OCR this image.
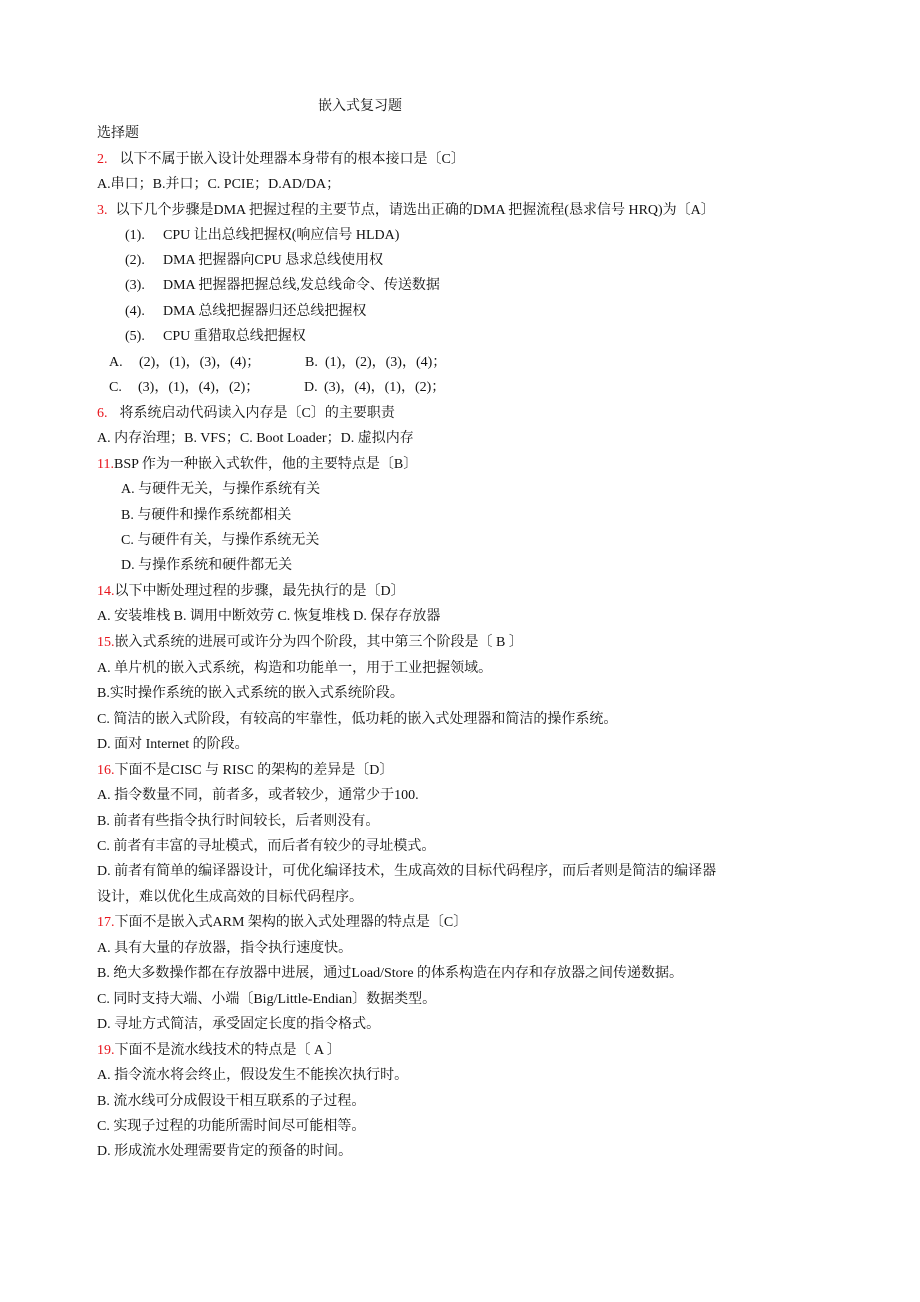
嵌入式复习题
选择题
2. 以下不属于嵌入设计处理器本身带有的根本接口是〔C〕
A.串口；B.并口；C. PCIE；D.AD/DA；
3. 以下几个步骤是DMA 把握过程的主要节点，请选出正确的DMA 把握流程(恳求信号 HRQ)为〔A〕
(1). CPU 让出总线把握权(响应信号 HLDA)
(2). DMA 把握器向CPU 恳求总线使用权
(3). DMA 把握器把握总线,发总线命令、传送数据
(4). DMA 总线把握器归还总线把握权
(5). CPU 重猎取总线把握权
A. (2)，(1)，(3)，(4)；	B. (1)，(2)，(3)，(4)；
C. (3)，(1)，(4)，(2)；	D. (3)，(4)，(1)，(2)；
6. 将系统启动代码读入内存是〔C〕的主要职责
A. 内存治理；B. VFS；C. Boot Loader；D. 虚拟内存
11.BSP 作为一种嵌入式软件，他的主要特点是〔B〕
A. 与硬件无关，与操作系统有关
B. 与硬件和操作系统都相关
C. 与硬件有关，与操作系统无关
D. 与操作系统和硬件都无关
14.以下中断处理过程的步骤，最先执行的是〔D〕
A. 安装堆栈 B. 调用中断效劳 C. 恢复堆栈 D. 保存存放器
15.嵌入式系统的进展可或许分为四个阶段，其中第三个阶段是〔 B 〕
A. 单片机的嵌入式系统，构造和功能单一，用于工业把握领域。
B.实时操作系统的嵌入式系统的嵌入式系统阶段。
C. 简洁的嵌入式阶段，有较高的牢靠性，低功耗的嵌入式处理器和简洁的操作系统。
D. 面对 Internet 的阶段。
16.下面不是CISC 与 RISC 的架构的差异是〔D〕
A. 指令数量不同，前者多，或者较少，通常少于100.
B. 前者有些指令执行时间较长，后者则没有。
C. 前者有丰富的寻址模式，而后者有较少的寻址模式。
D. 前者有简单的编译器设计，可优化编译技术，生成高效的目标代码程序，而后者则是简洁的编译器
设计，难以优化生成高效的目标代码程序。
17.下面不是嵌入式ARM 架构的嵌入式处理器的特点是〔C〕
A. 具有大量的存放器，指令执行速度快。
B. 绝大多数操作都在存放器中进展，通过Load/Store 的体系构造在内存和存放器之间传递数据。
C. 同时支持大端、小端〔Big/Little-Endian〕数据类型。
D. 寻址方式简洁，承受固定长度的指令格式。
19.下面不是流水线技术的特点是〔 A 〕
A. 指令流水将会终止，假设发生不能挨次执行时。
B. 流水线可分成假设干相互联系的子过程。
C. 实现子过程的功能所需时间尽可能相等。
D. 形成流水处理需要肯定的预备的时间。
